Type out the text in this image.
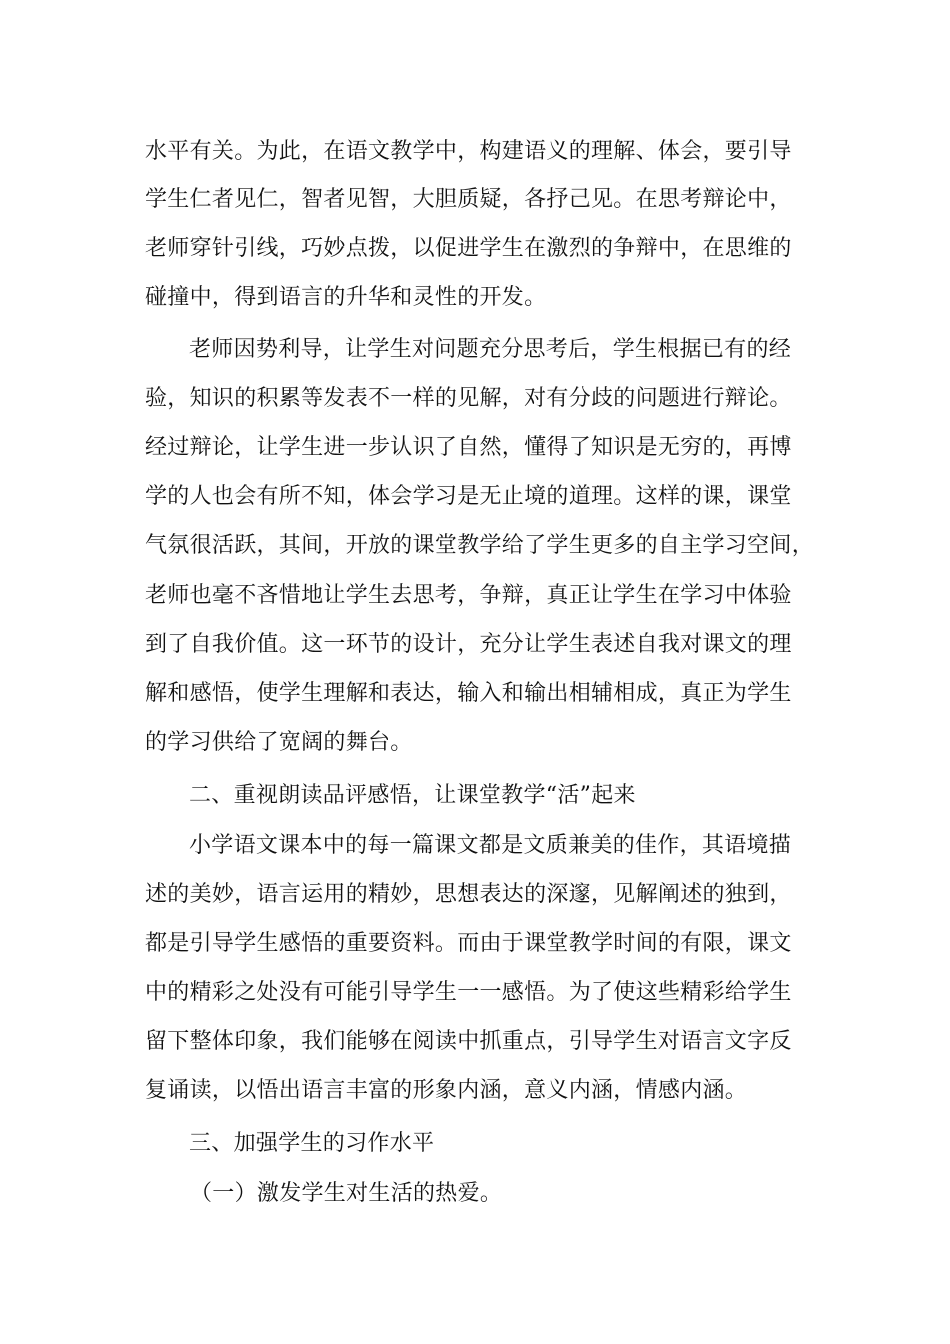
水平有关。为此，在语文教学中，构建语义的理解、体会，要引导
学生仁者见仁，智者见智，大胆质疑，各抒己见。在思考辩论中，
老师穿针引线，巧妙点拨，以促进学生在激烈的争辩中，在思维的
碰撞中，得到语言的升华和灵性的开发。
老师因势利导，让学生对问题充分思考后，学生根据已有的经
验，知识的积累等发表不一样的见解，对有分歧的问题进行辩论。
经过辩论，让学生进一步认识了自然，懂得了知识是无穷的，再博
学的人也会有所不知，体会学习是无止境的道理。这样的课，课堂
气氛很活跃，其间，开放的课堂教学给了学生更多的自主学习空间，
老师也毫不吝惜地让学生去思考，争辩，真正让学生在学习中体验
到了自我价值。这一环节的设计，充分让学生表述自我对课文的理
解和感悟，使学生理解和表达，输入和输出相辅相成，真正为学生
的学习供给了宽阔的舞台。
二、重视朗读品评感悟，让课堂教学“活”起来
小学语文课本中的每一篇课文都是文质兼美的佳作，其语境描
述的美妙，语言运用的精妙，思想表达的深邃，见解阐述的独到，
都是引导学生感悟的重要资料。而由于课堂教学时间的有限，课文
中的精彩之处没有可能引导学生一一感悟。为了使这些精彩给学生
留下整体印象，我们能够在阅读中抓重点，引导学生对语言文字反
复诵读，以悟出语言丰富的形象内涵，意义内涵，情感内涵。
三、加强学生的习作水平
（一）激发学生对生活的热爱。
